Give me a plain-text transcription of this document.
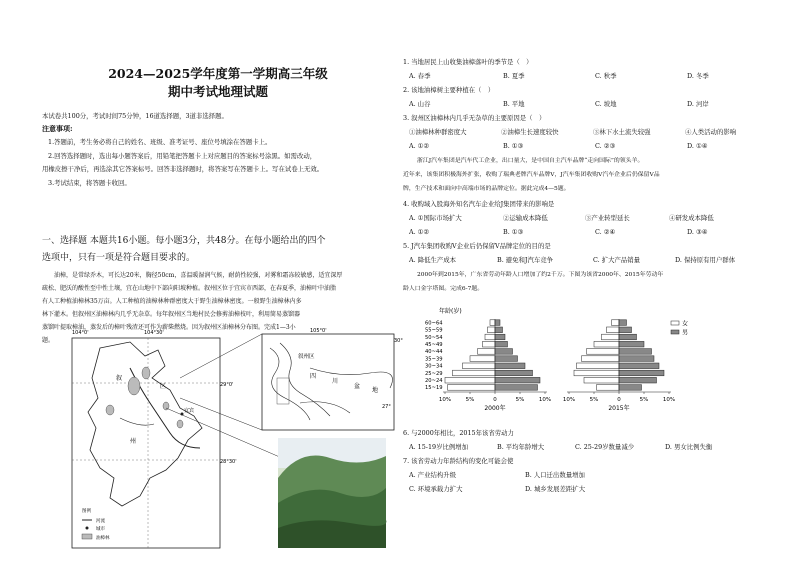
2024—2025学年度第一学期高三年级
期中考试地理试题
本试卷共100分，考试时间75分钟，16道选择题，3道非选择题。
注意事项:
1.答题前，考生务必将自己的姓名、班级、准考证号、座位号填涂在答题卡上。
2.回答选择题时，选出每小题答案后，用铅笔把答题卡上对应题目的答案标号涂黑。如需改动，
用橡皮擦干净后，再选涂其它答案标号。回答非选择题时，将答案写在答题卡上。写在试卷上无效。
3.考试结束，将答题卡收回。
一、选择题 本题共16小题。每小题3分，共48分。在每小题给出的四个
选项中，只有一项是符合题目要求的。
油樟，是常绿乔木，可长达20米，胸径50cm，喜温暖湿润气候，耐荫性较强，对雾和霜冻较敏感，适宜深厚
疏松、肥沃的酸性至中性土壤，宜在山地中下部向阳坡种植。叙州区位于宜宾市西部，在春夏季，油樟叶中油脂
有人工种植油樟林35万亩。人工种植的油樟林种群密度大于野生油樟林密度。一般野生油樟林内多
林下灌木。但叙州区油樟林内几乎无杂草。每年叙州区当地村民会修剪油樟枝叶，利用简易蒸馏器
蒸馏叶提取樟油，蒸发后的樟叶残渣还可作为薪柴燃烧。因为叙州区油樟林分布图。完成1—3小
题。
104°0'	104°30'
29°0'
28°30'
叙
州
区
宜宾
图例
河流
城市
油樟林
105°0'
30°
27°
叙州区
四
川
盆
地
1. 当地居民上山收集油樟落叶的季节是（　）
A. 春季	B. 夏季	C. 秋季	D. 冬季
2. 该地油樟树主要种植在（　）
A. 山谷	B. 平地	C. 坡地	D. 河岸
3. 叙州区油樟林内几乎无杂草的主要原因是（　）
①油樟林种群密度大	②油樟生长速度较快	③林下水土流失较强	④人类活动的影响
A. ①②	B. ①③	C. ②③	D. ①④
浙江J汽车集团是汽车代工企业，出口量大，是中国自主汽车品牌“走向国际”的领头羊。
近年来，该集团积极海外扩张，收购了瑞典老牌汽车品牌V，J汽车集团收购V汽车企业后仍保留V品
牌，生产技术和面向中高端市场的品牌定位。据此完成4—5题。
4. 收购域入股海外知名汽车企业给J集团带来的影响是
A. ①国际市场扩大	②运输成本降低	③产业转型延长	④研发成本降低
A. ①②	B. ①③	C. ②④	D. ③④
5. J汽车集团收购V企业后仍保留V品牌定位的目的是
A. 降低生产成本	B. 避免和J汽车竞争	C. 扩大产品销量	D. 保持原有用户群体
2000年到2015年，广东省劳动年龄人口增加了约2千万。下图为该省2000年、2015年劳动年
龄人口金字塔图。完成6-7题。
年龄(岁)
15~19
20~24
25~29
30~34
35~39
40~44
45~49
50~54
55~59
60~64
10%	5%	0	5%	10%
2000年
10%	5%	0	5%	10%
2015年
女
男
6. 与2000年相比，2015年该省劳动力
A. 15-19岁比例增加	B. 平均年龄增大	C. 25-29岁数量减少	D. 男女比例失衡
7. 该省劳动力年龄结构的变化可能会使
A. 产业结构升级	B. 人口迁出数量增加
C. 环境承载力扩大	D. 城乡发展差距扩大
